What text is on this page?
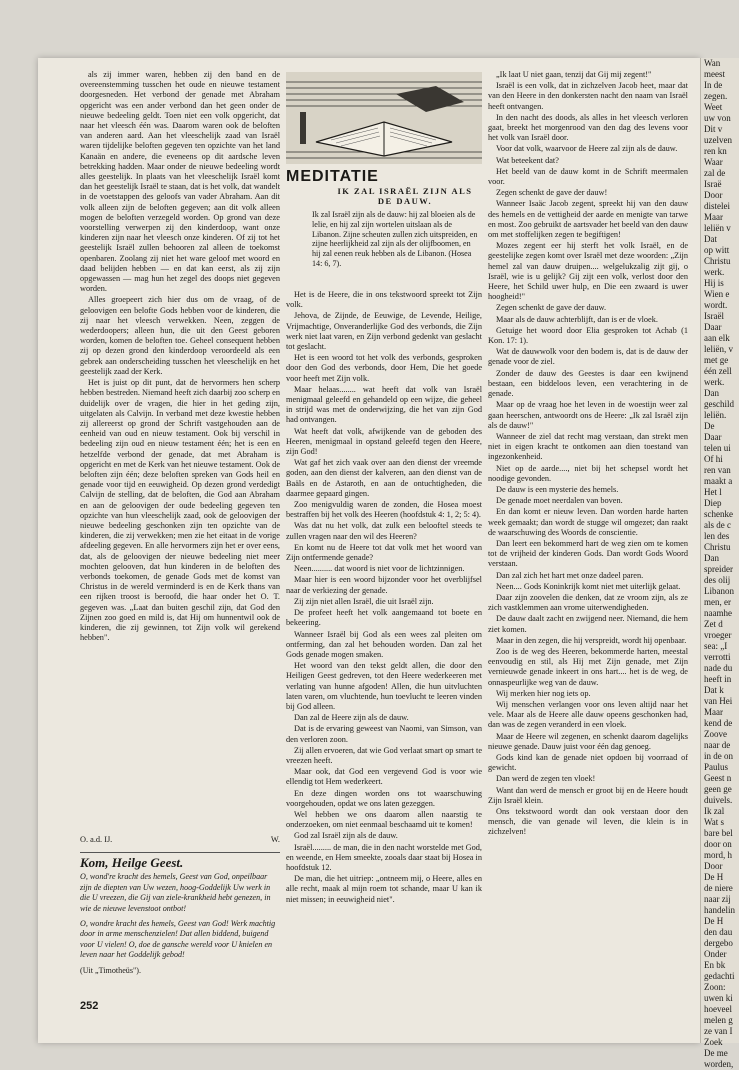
Wan

meest

In de

zegen.

Weet

uw von

Dit v

uzelven

ren kn

Waar

zal de

Israë

Door

distelei

Maar

leliën v

Dat

op witt

Christu

werk.

Hij is

Wien e

wordt.

Israël

Daar

aan elk

leliën, v

met ge

één zell

werk.

Dan

geschild

leliën.

De

Daar

telen ui

Of hi

ren van

maakt a

Het l

Diep

schenke

als de c

len des

Christu

Dan

spreider

des olij

Libanon

men, er

naamhe

Zet d

vroeger

sea: „I

verrotti

nade du

heeft in

Dat k

van Hei

Maar

kend de

Zoove

naar de

in de on

Paulus

Geest n

geen ge

duivels.

Ik zal

Wat s

bare bel

door on

mord, h

Door

De H

de niere

naar zij

handelin

De H

den dau

dergebo

Onder

En bk

gedachti

Zoon:

uwen ki

hoeveel

melen g

ze van I

Zoek

De me

worden,

als zij immer waren, hebben zij den band en de overeenstemming tusschen het oude en nieuwe testament doorgesneden. Het verbond der genade met Abraham opgericht was een ander verbond dan het geen onder de nieuwe bedeeling geldt. Toen niet een volk opgericht, dat naar het vleesch één was. Daarom waren ook de beloften van anderen aard. Aan het vleeschelijk zaad van Israël waren tijdelijke beloften gegeven ten opzichte van het land Kanaän en andere, die eveneens op dit aardsche leven betrekking hadden. Maar onder de nieuwe bedeeling wordt alles geestelijk. In plaats van het vleeschelijk Israël komt dan het geestelijk Israël te staan, dat is het volk, dat wandelt in de voetstappen des geloofs van vader Abraham. Aan dit volk alleen zijn de beloften gegeven; aan dit volk alleen mogen de beloften verzegeld worden. Op grond van deze voorstelling verwerpen zij den kinderdoop, want onze kinderen zijn naar het vleesch onze kinderen. Of zij tot het geestelijk Israël zullen behooren zal alleen de toekomst openbaren. Zoolang zij niet het ware geloof met woord en daad belijden hebben — en dat kan eerst, als zij zijn opgewassen — mag hun het zegel des doops niet gegeven worden.

Alles groepeert zich hier dus om de vraag, of de geloovigen een belofte Gods hebben voor de kinderen, die zij naar het vleesch verwekken. Neen, zeggen de wederdoopers; alleen hun, die uit den Geest geboren worden, komen de beloften toe. Geheel consequent hebben zij op dezen grond den kinderdoop veroordeeld als een gebrek aan onderscheiding tusschen het vleeschelijk en het geestelijk zaad der Kerk.

Het is juist op dit punt, dat de hervormers hen scherp hebben bestreden. Niemand heeft zich daarbij zoo scherp en duidelijk over de vragen, die hier in het geding zijn, uitgelaten als Calvijn. In verband met deze kwestie hebben zij allereerst op grond der Schrift vastgehouden aan de eenheid van oud en nieuw testament. Ook bij verschil in bedeeling zijn oud en nieuw testament één; het is een en hetzelfde verbond der genade, dat met Abraham is opgericht en met de Kerk van het nieuwe testament. Ook de beloften zijn één; deze beloften spreken van Gods heil en genade voor tijd en eeuwigheid. Op dezen grond verdedigt Calvijn de stelling, dat de beloften, die God aan Abraham en aan de geloovigen der oude bedeeling gegeven ten opzichte van hun vleeschelijk zaad, ook de geloovigen der nieuwe bedeeling geschonken zijn ten opzichte van de kinderen, die zij verwekken; men zie het eitaat in de vorige afdeeling gegeven. En alle hervormers zijn het er over eens, dat, als de geloovigen der nieuwe bedeeling niet meer mochten gelooven, dat hun kinderen in de beloften des verbonds toekomen, de genade Gods met de komst van Christus in de wereld verminderd is en de Kerk thans van een rijken troost is beroofd, die haar onder het O. T. gegeven was. „Laat dan buiten geschil zijn, dat God den Zijnen zoo goed en mild is, dat Hij om hunnentwil ook de kinderen, die zij gewinnen, tot Zijn volk wil gerekend hebben".

O. a.d. IJ.	W.
Kom, Heilge Geest.

O, wond're kracht des hemels, Geest van God, onpeilbaar zijn de diepten van Uw wezen, hoog-Goddelijk Uw werk in die U vreezen, die Gij van ziele-krankheid hebt genezen, in wie de nieuwe levenstoot ontbot!

O, wondre kracht des hemels, Geest van God! Werk machtig door in arme menschenzielen! Dat allen biddend, buigend voor U vielen! O, doe de gansche wereld voor U knielen en leven naar het Goddelijk gebod!

(Uit „Timotheüs").

252
MEDITATIE
IK ZAL ISRAËL ZIJN ALS DE DAUW.
Ik zal Israël zijn als de dauw: hij zal bloeien als de lelie, en hij zal zijn wortelen uitslaan als de Libanon. Zijne scheuten zullen zich uitspreiden, en zijne heerlijkheid zal zijn als der olijfboomen, en hij zal eenen reuk hebben als de Libanon. (Hosea 14: 6, 7).

Het is de Heere, die in ons tekstwoord spreekt tot Zijn volk.

Jehova, de Zijnde, de Eeuwige, de Levende, Heilige, Vrijmachtige, Onveranderlijke God des verbonds, die Zijn werk niet laat varen, en Zijn verbond gedenkt van geslacht tot geslacht.

Het is een woord tot het volk des verbonds, gesproken door den God des verbonds, door Hem, Die het goede voor heeft met Zijn volk.

Maar helaas........ wat heeft dat volk van Israël menigmaal geleefd en gehandeld op een wijze, die geheel in strijd was met de onderwijzing, die het van zijn God had ontvangen.

Wat heeft dat volk, afwijkende van de geboden des Heeren, menigmaal in opstand geleefd tegen den Heere, zijn God!

Wat gaf het zich vaak over aan den dienst der vreemde goden, aan den dienst der kalveren, aan den dienst van de Baäls en de Astaroth, en aan de ontuchtigheden, die daarmee gepaard gingen.

Zoo menigvuldig waren de zonden, die Hosea moest bestraffen bij het volk des Heeren (hoofdstuk 4: 1, 2; 5: 4).

Was dat nu het volk, dat zulk een belooftel steeds te zullen vragen naar den wil des Heeren?

En komt nu de Heere tot dat volk met het woord van Zijn ontfermende genade?

Neen.......... dat woord is niet voor de lichtzinnigen.

Maar hier is een woord bijzonder voor het overblijfsel naar de verkiezing der genade.

Zij zijn niet allen Israël, die uit Israël zijn.

De profeet heeft het volk aangemaand tot boete en bekeering.

Wanneer Israël bij God als een wees zal pleiten om ontferming, dan zal het behouden worden. Dan zal het Gods genade mogen smaken.

Het woord van den tekst geldt allen, die door den Heiligen Geest gedreven, tot den Heere wederkeeren met verlating van hunne afgoden! Allen, die hun uitvluchten laten varen, om vluchtende, hun toevlucht te leeren vinden bij God alleen.

Dan zal de Heere zijn als de dauw.

Dat is de ervaring geweest van Naomi, van Simson, van den verloren zoon.

Zij allen ervoeren, dat wie God verlaat smart op smart te vreezen heeft.

Maar ook, dat God een vergevend God is voor wie ellendig tot Hem wederkeert.

En deze dingen worden ons tot waarschuwing voorgehouden, opdat we ons laten gezeggen.

Wel hebben we ons daarom allen naarstig te onderzoeken, om niet eenmaal beschaamd uit te komen!

God zal Israël zijn als de dauw.

Israël......... de man, die in den nacht worstelde met God, en weende, en Hem smeekte, zooals daar staat bij Hosea in hoofdstuk 12.

De man, die het uitriep: „ontneem mij, o Heere, alles en alle recht, maak al mijn roem tot schande, maar U kan ik niet missen; in eeuwigheid niet".

„Ik laat U niet gaan, tenzij dat Gij mij zegent!"

Israël is een volk, dat in zichzelven Jacob heet, maar dat van den Heere in den donkersten nacht den naam van Israël heeft ontvangen.

In den nacht des doods, als alles in het vleesch verloren gaat, breekt het morgenrood van den dag des levens voor het volk van Israël door.

Voor dat volk, waarvoor de Heere zal zijn als de dauw.

Wat beteekent dat?

Het beeld van de dauw komt in de Schrift meermalen voor.

Zegen schenkt de gave der dauw!

Wanneer Isaäc Jacob zegent, spreekt hij van den dauw des hemels en de vettigheid der aarde en menigte van tarwe en most. Zoo gebruikt de aartsvader het beeld van den dauw om met stoffelijken zegen te begiftigen!

Mozes zegent eer hij sterft het volk Israël, en de geestelijke zegen komt over Israël met deze woorden: „Zijn hemel zal van dauw druipen.... welgelukzalig zijt gij, o Israël, wie is u gelijk? Gij zijt een volk, verlost door den Heere, het Schild uwer hulp, en Die een zwaard is uwer hoogheid!"

Zegen schenkt de gave der dauw.

Maar als de dauw achterblijft, dan is er de vloek.

Getuige het woord door Elia gesproken tot Achab (1 Kon. 17: 1).

Wat de dauwwolk voor den bodem is, dat is de dauw der genade voor de ziel.

Zonder de dauw des Geestes is daar een kwijnend bestaan, een biddeloos leven, een verachtering in de genade.

Maar op de vraag hoe het leven in de woestijn weer zal gaan heerschen, antwoordt ons de Heere: „Ik zal Israël zijn als de dauw!"

Wanneer de ziel dat recht mag verstaan, dan strekt men niet in eigen kracht te ontkomen aan dien toestand van ingezonkenheid.

Niet op de aarde...., niet bij het schepsel wordt het noodige gevonden.

De dauw is een mysterie des hemels.

De genade moet neerdalen van boven.

En dan komt er nieuw leven. Dan worden harde harten week gemaakt; dan wordt de stugge wil omgezet; dan raakt de waarschuwing des Woords de conscientie.

Dan leert een bekommerd hart de weg zien om te komen tot de vrijheid der kinderen Gods. Dan wordt Gods Woord verstaan.

Dan zal zich het hart met onze dadeel paren.

Neen.... Gods Koninkrijk komt niet met uiterlijk gelaat.

Daar zijn zoovelen die denken, dat ze vroom zijn, als ze zich vastklemmen aan vrome uiterwendigheden.

De dauw daalt zacht en zwijgend neer. Niemand, die hem ziet komen.

Maar in den zegen, die hij verspreidt, wordt hij openbaar.

Zoo is de weg des Heeren, bekommerde harten, meestal eenvoudig en stil, als Hij met Zijn genade, met Zijn vernieuwde genade inkeert in ons hart.... het is de weg, de onnaspeurlijke weg van de dauw.

Wij merken hier nog iets op.

Wij menschen verlangen voor ons leven altijd naar het vele. Maar als de Heere alle dauw opeens geschonken had, dan was de zegen veranderd in een vloek.

Maar de Heere wil zegenen, en schenkt daarom dagelijks nieuwe genade. Dauw juist voor één dag genoeg.

Gods kind kan de genade niet opdoen bij voorraad of gewicht.

Dan werd de zegen ten vloek!

Want dan werd de mensch er groot bij en de Heere houdt Zijn Israël klein.

Ons tekstwoord wordt dan ook verstaan door den mensch, die van genade wil leven, die klein is in zichzelven!
